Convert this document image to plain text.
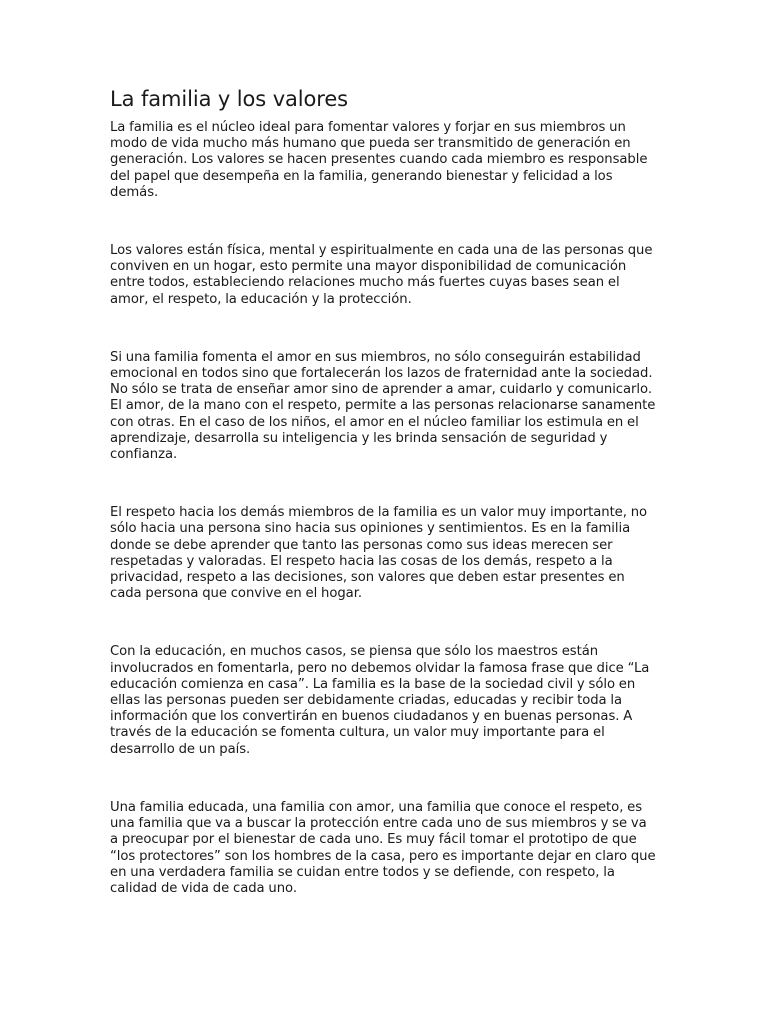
La familia y los valores

La familia es el núcleo ideal para fomentar valores y forjar en sus miembros un modo de vida mucho más humano que pueda ser transmitido de generación en generación. Los valores se hacen presentes cuando cada miembro es responsable del papel que desempeña en la familia, generando bienestar y felicidad a los demás.

Los valores están física, mental y espiritualmente en cada una de las personas que conviven en un hogar, esto permite una mayor disponibilidad de comunicación entre todos, estableciendo relaciones mucho más fuertes cuyas bases sean el amor, el respeto, la educación y la protección.

Si una familia fomenta el amor en sus miembros, no sólo conseguirán estabilidad emocional en todos sino que fortalecerán los lazos de fraternidad ante la sociedad. No sólo se trata de enseñar amor sino de aprender a amar, cuidarlo y comunicarlo. El amor, de la mano con el respeto, permite a las personas relacionarse sanamente con otras. En el caso de los niños, el amor en el núcleo familiar los estimula en el aprendizaje, desarrolla su inteligencia y les brinda sensación de seguridad y confianza.

El respeto hacia los demás miembros de la familia es un valor muy importante, no sólo hacia una persona sino hacia sus opiniones y sentimientos. Es en la familia donde se debe aprender que tanto las personas como sus ideas merecen ser respetadas y valoradas. El respeto hacia las cosas de los demás, respeto a la privacidad, respeto a las decisiones, son valores que deben estar presentes en cada persona que convive en el hogar.

Con la educación, en muchos casos, se piensa que sólo los maestros están involucrados en fomentarla, pero no debemos olvidar la famosa frase que dice “La educación comienza en casa”. La familia es la base de la sociedad civil y sólo en ellas las personas pueden ser debidamente criadas, educadas y recibir toda la información que los convertirán en buenos ciudadanos y en buenas personas. A través de la educación se fomenta cultura, un valor muy importante para el desarrollo de un país.

Una familia educada, una familia con amor, una familia que conoce el respeto, es una familia que va a buscar la protección entre cada uno de sus miembros y se va a preocupar por el bienestar de cada uno. Es muy fácil tomar el prototipo de que “los protectores” son los hombres de la casa, pero es importante dejar en claro que en una verdadera familia se cuidan entre todos y se defiende, con respeto, la calidad de vida de cada uno.
